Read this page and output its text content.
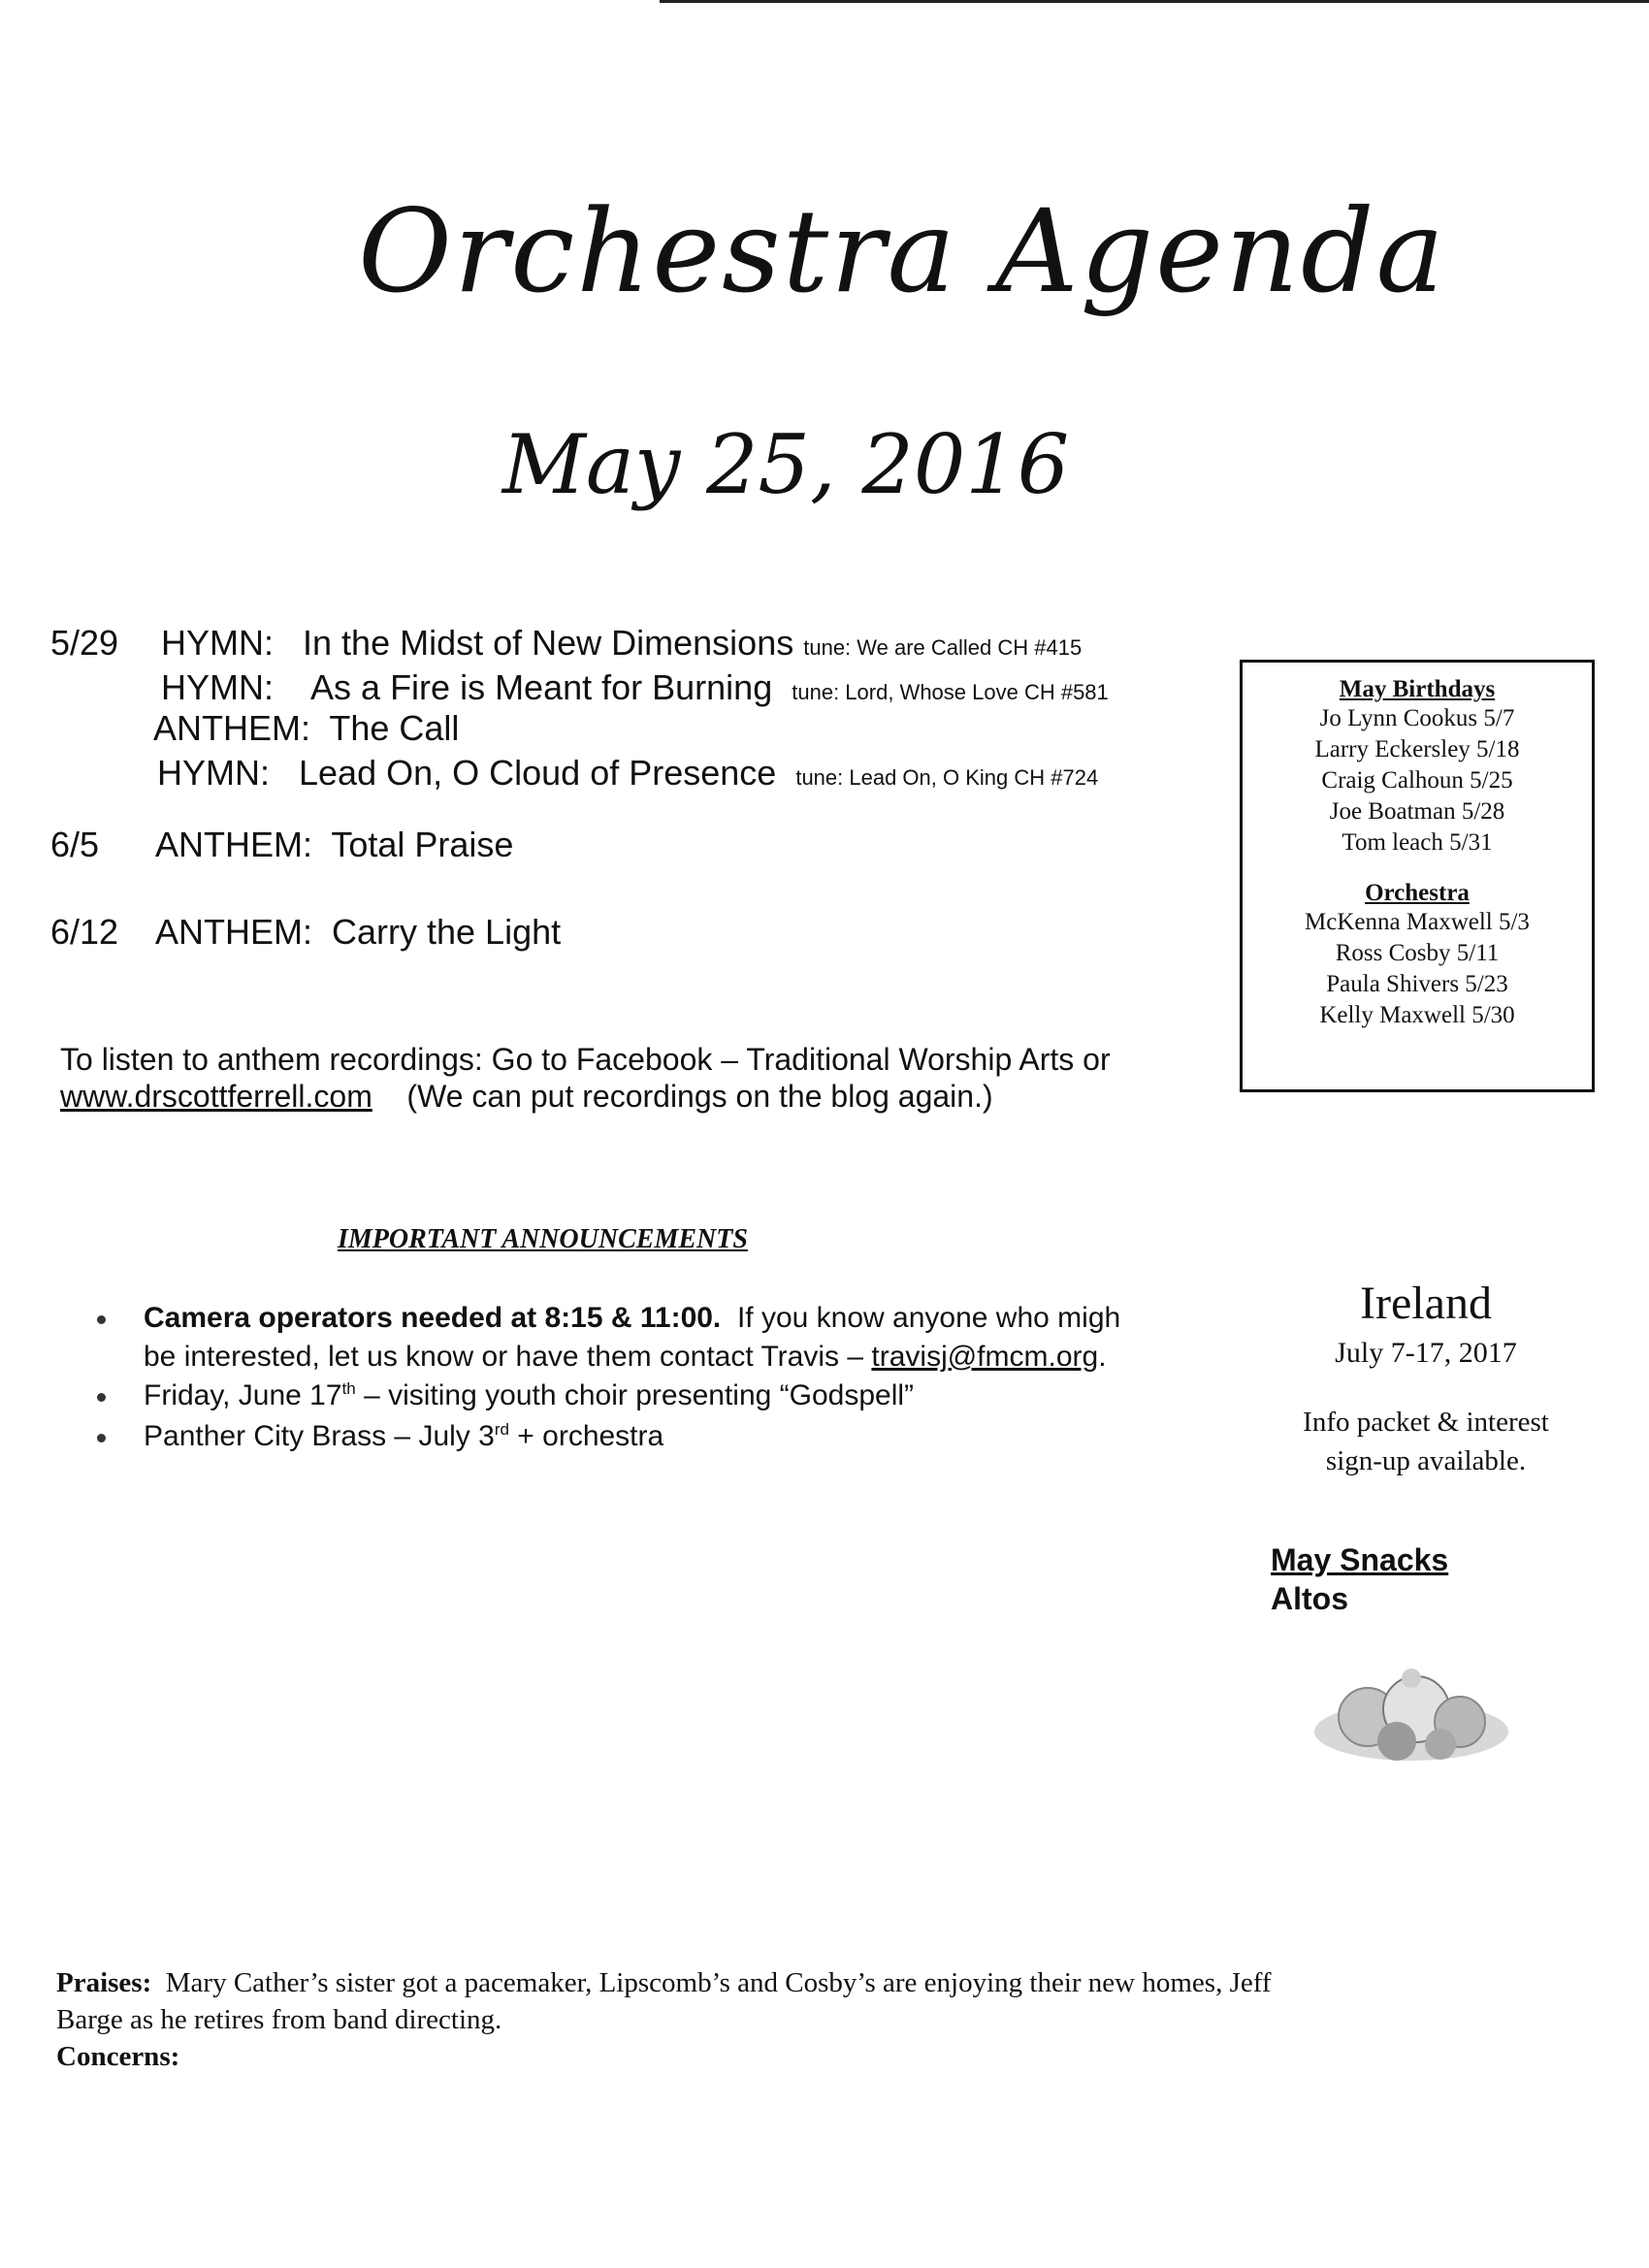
Orchestra Agenda
May 25, 2016
5/29 HYMN: In the Midst of New Dimensions tune: We are Called CH #415
HYMN: As a Fire is Meant for Burning tune: Lord, Whose Love CH #581
ANTHEM: The Call
HYMN: Lead On, O Cloud of Presence tune: Lead On, O King CH #724
6/5 ANTHEM: Total Praise
6/12 ANTHEM: Carry the Light
To listen to anthem recordings: Go to Facebook – Traditional Worship Arts or
www.drscottferrell.com (We can put recordings on the blog again.)
May Birthdays
Jo Lynn Cookus 5/7
Larry Eckersley 5/18
Craig Calhoun 5/25
Joe Boatman 5/28
Tom leach 5/31
Orchestra
McKenna Maxwell 5/3
Ross Cosby 5/11
Paula Shivers 5/23
Kelly Maxwell 5/30
IMPORTANT ANNOUNCEMENTS
Camera operators needed at 8:15 & 11:00. If you know anyone who migh
be interested, let us know or have them contact Travis – travisj@fmcm.org.
Friday, June 17th – visiting youth choir presenting “Godspell”
Panther City Brass – July 3rd + orchestra
Ireland
July 7-17, 2017
Info packet & interest
sign-up available.
May Snacks
Altos
Praises: Mary Cather’s sister got a pacemaker, Lipscomb’s and Cosby’s are enjoying their new homes, Jeff
Barge as he retires from band directing.
Concerns:
